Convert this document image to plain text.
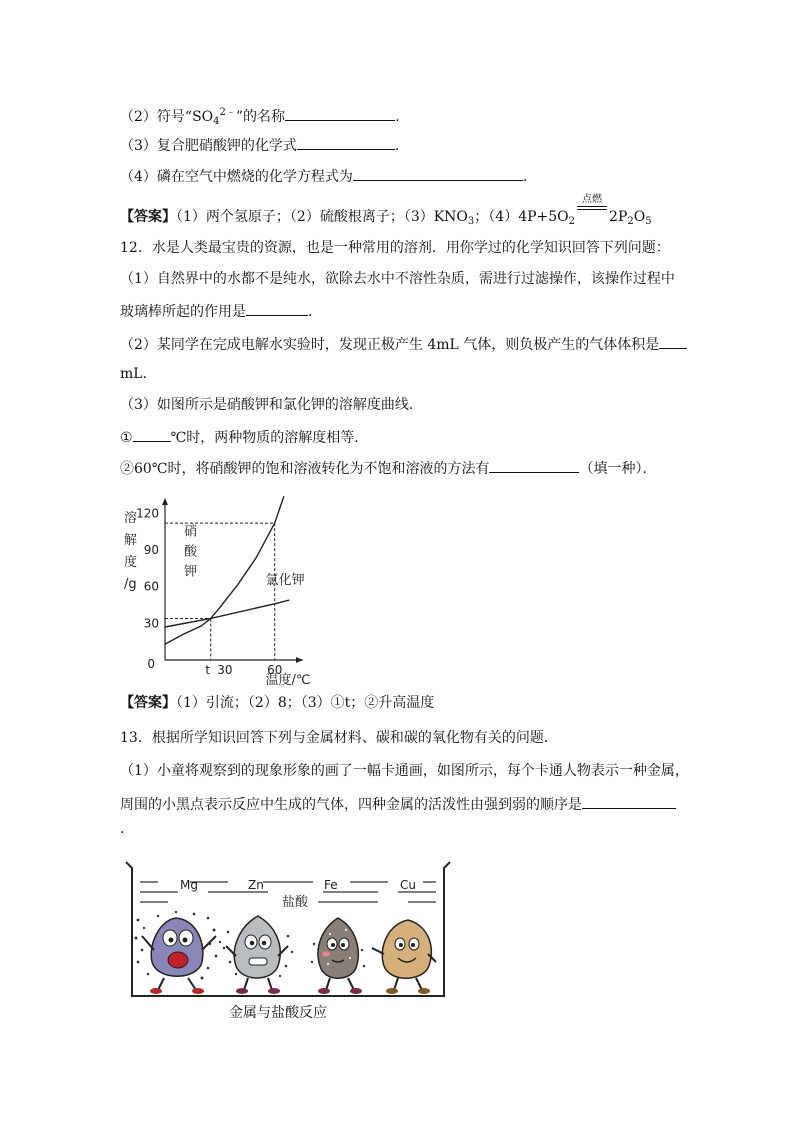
（2）符号“$SO_4^{2﹣}$”的名称	.
（3）复合肥硝酸钾的化学式	.
（4）磷在空气中燃烧的化学方程式为	.
【答案】（1）两个氢原子；（2）硫酸根离子；$(3)KNO_3$；$(4)4P+5O_2$
点燃
$2P_2O_5$
12．水是人类最宝贵的资源，也是一种常用的溶剂．用你学过的化学知识回答下列问题：
（1）自然界中的水都不是纯水，欲除去水中不溶性杂质，需进行过滤操作，该操作过程中
玻璃棒所起的作用是	.
（2）某同学在完成电解水实验时，发现正极产生 4mL 气体，则负极产生的气体体积是
mL．
（3）如图所示是硝酸钾和氯化钾的溶解度曲线．
①	℃时，两种物质的溶解度相等．
②60℃时，将硝酸钾的饱和溶液转化为不饱和溶液的方法有	（填一种）．
溶
解
度
/g
30
60
90
120
0	t 30	60
温度/℃
硝
酸
钾
氯化钾
【答案】（1）引流；（2）8；（3）①t；②升高温度
13．根据所学知识回答下列与金属材料、碳和碳的氧化物有关的问题．
（1）小童将观察到的现象形象的画了一幅卡通画，如图所示，每个卡通人物表示一种金属，
周围的小黑点表示反应中生成的气体，四种金属的活泼性由强到弱的顺序是
.
Mg	Zn	Fe	Cu
盐酸
金属与盐酸反应
